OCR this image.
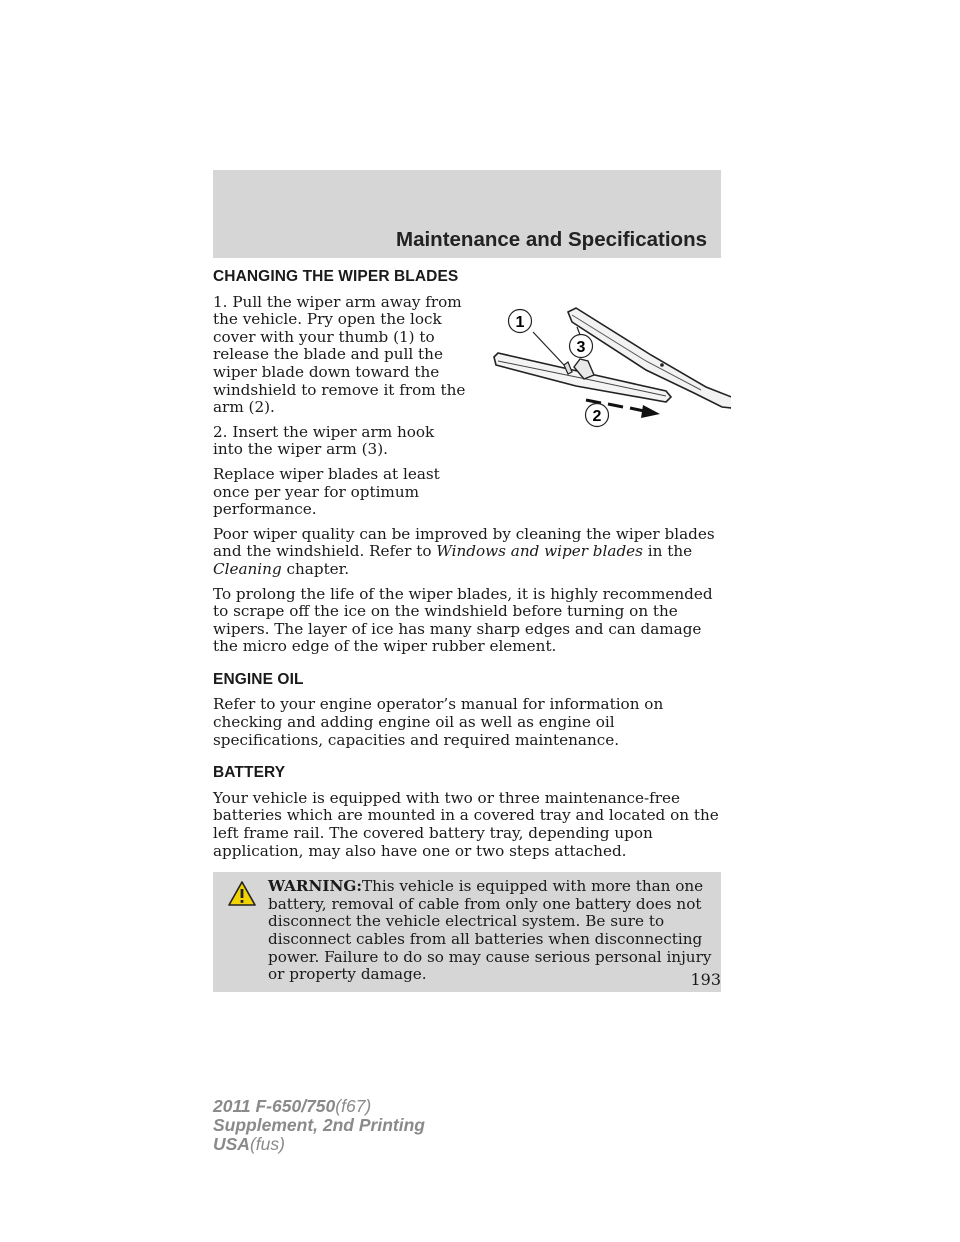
Maintenance and Specifications
CHANGING THE WIPER BLADES

1. Pull the wiper arm away from the vehicle. Pry open the lock cover with your thumb (1) to release the blade and pull the wiper blade down toward the windshield to remove it from the arm (2).

2. Insert the wiper arm hook into the wiper arm (3).

Replace wiper blades at least once per year for optimum performance.

1
3
2

Poor wiper quality can be improved by cleaning the wiper blades and the windshield. Refer to Windows and wiper blades in the Cleaning chapter.

To prolong the life of the wiper blades, it is highly recommended to scrape off the ice on the windshield before turning on the wipers. The layer of ice has many sharp edges and can damage the micro edge of the wiper rubber element.

ENGINE OIL

Refer to your engine operator’s manual for information on checking and adding engine oil as well as engine oil specifications, capacities and required maintenance.

BATTERY

Your vehicle is equipped with two or three maintenance-free batteries which are mounted in a covered tray and located on the left frame rail. The covered battery tray, depending upon application, may also have one or two steps attached.

WARNING:This vehicle is equipped with more than one battery, removal of cable from only one battery does not disconnect the vehicle electrical system. Be sure to disconnect cables from all batteries when disconnecting power. Failure to do so may cause serious personal injury or property damage.	193
2011 F-650/750(f67)
Supplement, 2nd Printing
USA(fus)
